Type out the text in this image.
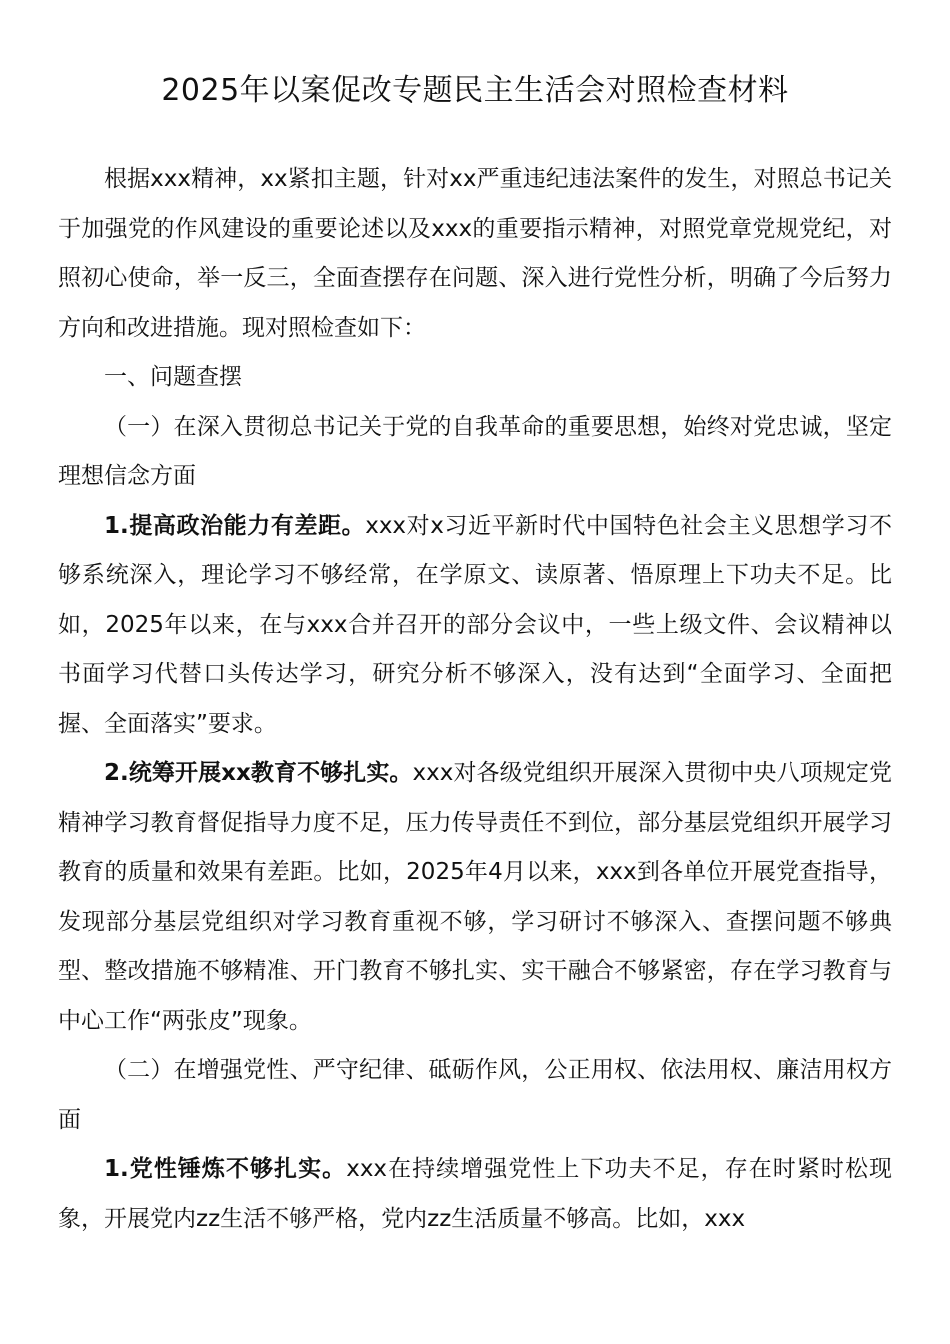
2025年以案促改专题民主生活会对照检查材料

根据xxx精神，xx紧扣主题，针对xx严重违纪违法案件的发生，对照总书记关于加强党的作风建设的重要论述以及xxx的重要指示精神，对照党章党规党纪，对照初心使命，举一反三，全面查摆存在问题、深入进行党性分析，明确了今后努力方向和改进措施。现对照检查如下：

一、问题查摆

（一）在深入贯彻总书记关于党的自我革命的重要思想，始终对党忠诚，坚定理想信念方面

1.提高政治能力有差距。xxx对x习近平新时代中国特色社会主义思想学习不够系统深入，理论学习不够经常，在学原文、读原著、悟原理上下功夫不足。比如，2025年以来，在与xxx合并召开的部分会议中，一些上级文件、会议精神以书面学习代替口头传达学习，研究分析不够深入，没有达到“全面学习、全面把握、全面落实”要求。

2.统筹开展xx教育不够扎实。xxx对各级党组织开展深入贯彻中央八项规定党精神学习教育督促指导力度不足，压力传导责任不到位，部分基层党组织开展学习教育的质量和效果有差距。比如，2025年4月以来，xxx到各单位开展党查指导，发现部分基层党组织对学习教育重视不够，学习研讨不够深入、查摆问题不够典型、整改措施不够精准、开门教育不够扎实、实干融合不够紧密，存在学习教育与中心工作“两张皮”现象。

（二）在增强党性、严守纪律、砥砺作风，公正用权、依法用权、廉洁用权方面

1.党性锤炼不够扎实。xxx在持续增强党性上下功夫不足，存在时紧时松现象，开展党内zz生活不够严格，党内zz生活质量不够高。比如，xxx
